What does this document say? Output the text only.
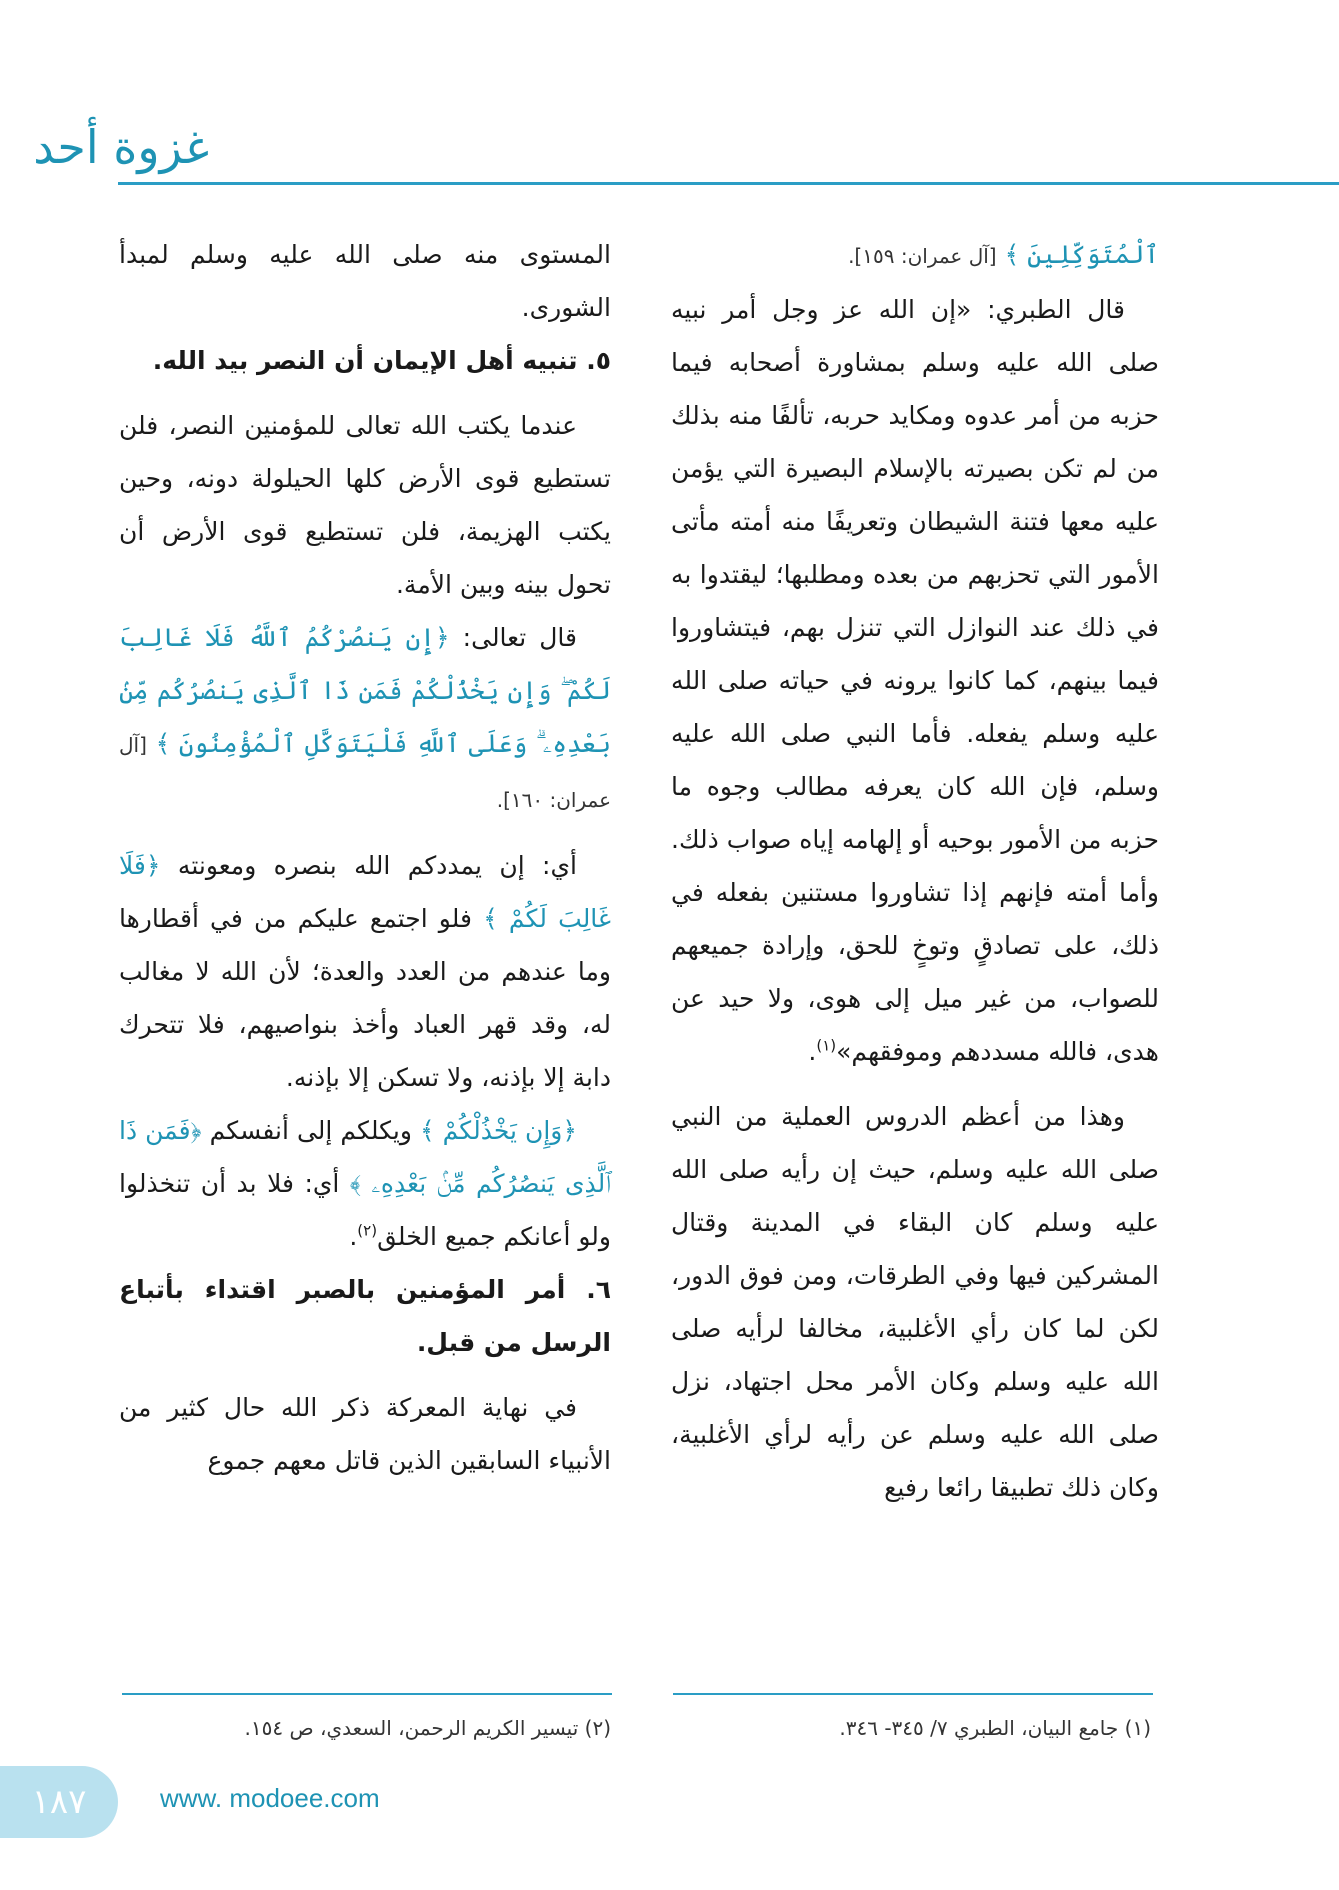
غزوة أحد

ٱلْمُتَوَكِّلِينَ ﴾ [آل عمران: ١٥٩].

قال الطبري: «إن الله عز وجل أمر نبيه صلى الله عليه وسلم بمشاورة أصحابه فيما حزبه من أمر عدوه ومكايد حربه، تألفًا منه بذلك من لم تكن بصيرته بالإسلام البصيرة التي يؤمن عليه معها فتنة الشيطان وتعريفًا منه أمته مأتى الأمور التي تحزبهم من بعده ومطلبها؛ ليقتدوا به في ذلك عند النوازل التي تنزل بهم، فيتشاوروا فيما بينهم، كما كانوا يرونه في حياته صلى الله عليه وسلم يفعله. فأما النبي صلى الله عليه وسلم، فإن الله كان يعرفه مطالب وجوه ما حزبه من الأمور بوحيه أو إلهامه إياه صواب ذلك. وأما أمته فإنهم إذا تشاوروا مستنين بفعله في ذلك، على تصادقٍ وتوخٍ للحق، وإرادة جميعهم للصواب، من غير ميل إلى هوى، ولا حيد عن هدى، فالله مسددهم وموفقهم»$^{(١)}$.

وهذا من أعظم الدروس العملية من النبي صلى الله عليه وسلم، حيث إن رأيه صلى الله عليه وسلم كان البقاء في المدينة وقتال المشركين فيها وفي الطرقات، ومن فوق الدور، لكن لما كان رأي الأغلبية، مخالفا لرأيه صلى الله عليه وسلم وكان الأمر محل اجتهاد، نزل صلى الله عليه وسلم عن رأيه لرأي الأغلبية، وكان ذلك تطبيقا رائعا رفيع

المستوى منه صلى الله عليه وسلم لمبدأ الشورى.

٥. تنبيه أهل الإيمان أن النصر بيد الله.

عندما يكتب الله تعالى للمؤمنين النصر، فلن تستطيع قوى الأرض كلها الحيلولة دونه، وحين يكتب الهزيمة، فلن تستطيع قوى الأرض أن تحول بينه وبين الأمة.

قال تعالى: ﴿إِن يَنصُرْكُمُ ٱللَّهُ فَلَا غَالِبَ لَكُمْ ۖ وَإِن يَخْذُلْكُمْ فَمَن ذَا ٱلَّذِى يَنصُرُكُم مِّنۢ بَعْدِهِۦ ۗ وَعَلَى ٱللَّهِ فَلْيَتَوَكَّلِ ٱلْمُؤْمِنُونَ ﴾ [آل عمران: ١٦٠].

أي: إن يمددكم الله بنصره ومعونته ﴿فَلَا غَالِبَ لَكُمْ ﴾ فلو اجتمع عليكم من في أقطارها وما عندهم من العدد والعدة؛ لأن الله لا مغالب له، وقد قهر العباد وأخذ بنواصيهم، فلا تتحرك دابة إلا بإذنه، ولا تسكن إلا بإذنه.

﴿وَإِن يَخْذُلْكُمْ ﴾ ويكلكم إلى أنفسكم ﴿فَمَن ذَا ٱلَّذِى يَنصُرُكُم مِّنۢ بَعْدِهِۦ ﴾ أي: فلا بد أن تنخذلوا ولو أعانكم جميع الخلق$^{(٢)}$.

٦. أمر المؤمنين بالصبر اقتداء بأتباع الرسل من قبل.

في نهاية المعركة ذكر الله حال كثير من الأنبياء السابقين الذين قاتل معهم جموع

(١) جامع البيان، الطبري ٧/ ٣٤٥- ٣٤٦.
(٢) تيسير الكريم الرحمن، السعدي، ص ١٥٤.
١٨٧	www. modoee.com
